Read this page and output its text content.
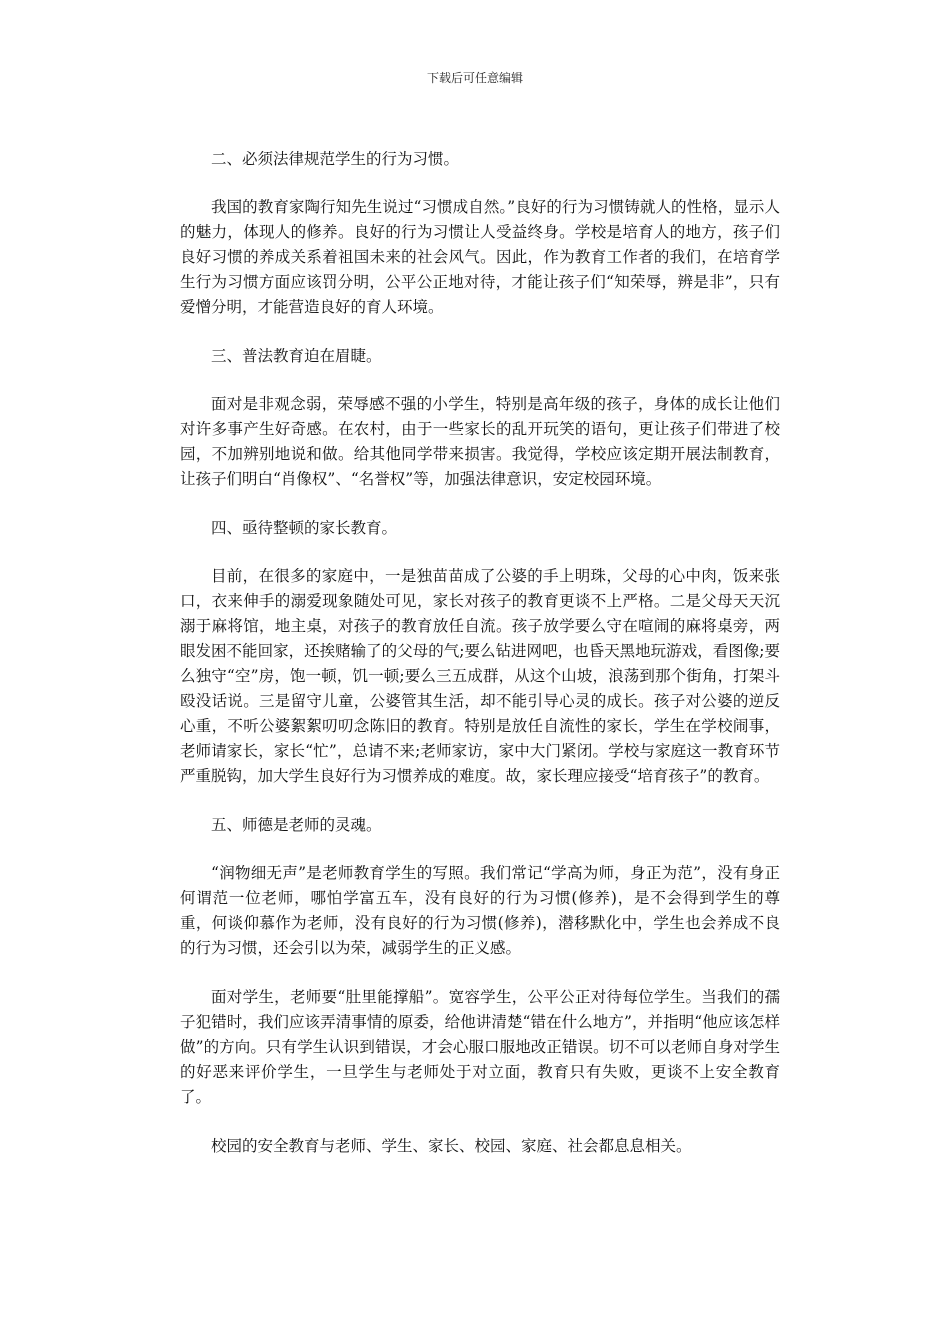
下载后可任意编辑

二、必须法律规范学生的行为习惯。

我国的教育家陶行知先生说过“习惯成自然。”良好的行为习惯铸就人的性格，显示人的魅力，体现人的修养。良好的行为习惯让人受益终身。学校是培育人的地方，孩子们良好习惯的养成关系着祖国未来的社会风气。因此，作为教育工作者的我们，在培育学生行为习惯方面应该罚分明，公平公正地对待，才能让孩子们“知荣辱，辨是非”，只有爱憎分明，才能营造良好的育人环境。

三、普法教育迫在眉睫。

面对是非观念弱，荣辱感不强的小学生，特别是高年级的孩子，身体的成长让他们对许多事产生好奇感。在农村，由于一些家长的乱开玩笑的语句，更让孩子们带进了校园，不加辨别地说和做。给其他同学带来损害。我觉得，学校应该定期开展法制教育，让孩子们明白“肖像权”、“名誉权”等，加强法律意识，安定校园环境。

四、亟待整顿的家长教育。

目前，在很多的家庭中，一是独苗苗成了公婆的手上明珠，父母的心中肉，饭来张口，衣来伸手的溺爱现象随处可见，家长对孩子的教育更谈不上严格。二是父母天天沉溺于麻将馆，地主桌，对孩子的教育放任自流。孩子放学要么守在喧闹的麻将桌旁，两眼发困不能回家，还挨赌输了的父母的气;要么钻进网吧，也昏天黑地玩游戏，看图像;要么独守“空”房，饱一顿，饥一顿;要么三五成群，从这个山坡，浪荡到那个街角，打架斗殴没话说。三是留守儿童，公婆管其生活，却不能引导心灵的成长。孩子对公婆的逆反心重，不听公婆絮絮叨叨念陈旧的教育。特别是放任自流性的家长，学生在学校闹事，老师请家长，家长“忙”，总请不来;老师家访，家中大门紧闭。学校与家庭这一教育环节严重脱钩，加大学生良好行为习惯养成的难度。故，家长理应接受“培育孩子”的教育。

五、师德是老师的灵魂。

“润物细无声”是老师教育学生的写照。我们常记“学高为师，身正为范”，没有身正何谓范一位老师，哪怕学富五车，没有良好的行为习惯(修养)，是不会得到学生的尊重，何谈仰慕作为老师，没有良好的行为习惯(修养)，潜移默化中，学生也会养成不良的行为习惯，还会引以为荣，减弱学生的正义感。

面对学生，老师要“肚里能撑船”。宽容学生，公平公正对待每位学生。当我们的孺子犯错时，我们应该弄清事情的原委，给他讲清楚“错在什么地方”，并指明“他应该怎样做”的方向。只有学生认识到错误，才会心服口服地改正错误。切不可以老师自身对学生的好恶来评价学生，一旦学生与老师处于对立面，教育只有失败，更谈不上安全教育了。

校园的安全教育与老师、学生、家长、校园、家庭、社会都息息相关。
